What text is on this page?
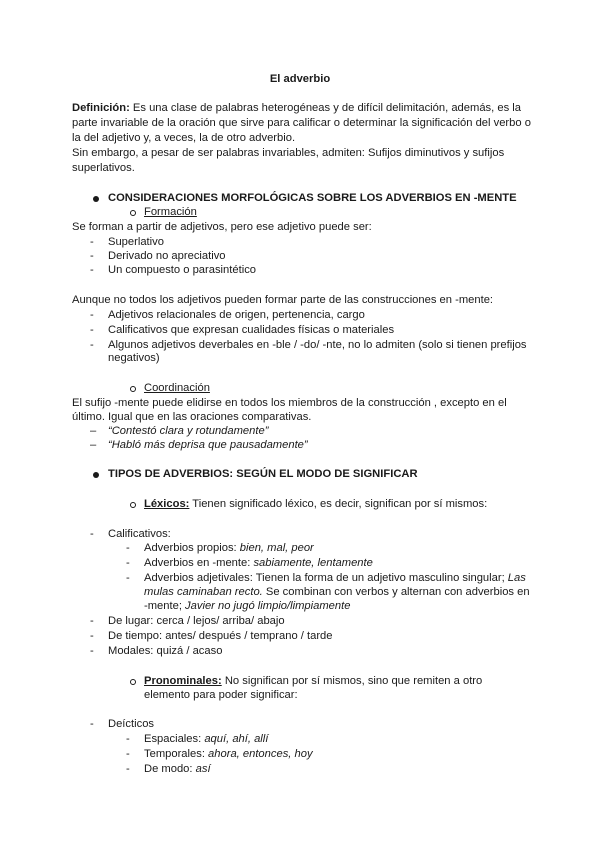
El adverbio
Definición: Es una clase de palabras heterogéneas y de difícil delimitación, además, es la
parte invariable de la oración que sirve para calificar o determinar la significación del verbo o
la del adjetivo y, a veces, la de otro adverbio.
Sin embargo, a pesar de ser palabras invariables, admiten: Sufijos diminutivos y sufijos
superlativos.
CONSIDERACIONES MORFOLÓGICAS SOBRE LOS ADVERBIOS EN -MENTE
Formación
Se forman a partir de adjetivos, pero ese adjetivo puede ser:
- Superlativo
- Derivado no apreciativo
- Un compuesto o parasintético
Aunque no todos los adjetivos pueden formar parte de las construcciones en -mente:
- Adjetivos relacionales de origen, pertenencia, cargo
- Calificativos que expresan cualidades físicas o materiales
- Algunos adjetivos deverbales en -ble / -do/ -nte, no lo admiten (solo si tienen prefijos
negativos)
Coordinación
El sufijo -mente puede elidirse en todos los miembros de la construcción , excepto en el
último. Igual que en las oraciones comparativas.
– “Contestó clara y rotundamente”
– “Habló más deprisa que pausadamente”
TIPOS DE ADVERBIOS: SEGÚN EL MODO DE SIGNIFICAR
Léxicos: Tienen significado léxico, es decir, significan por sí mismos:
- Calificativos:
- Adverbios propios: bien, mal, peor
- Adverbios en -mente: sabiamente, lentamente
- Adverbios adjetivales: Tienen la forma de un adjetivo masculino singular; Las
mulas caminaban recto. Se combinan con verbos y alternan con adverbios en
-mente; Javier no jugó limpio/limpiamente
- De lugar: cerca / lejos/ arriba/ abajo
- De tiempo: antes/ después / temprano / tarde
- Modales: quizá / acaso
Pronominales: No significan por sí mismos, sino que remiten a otro
elemento para poder significar:
- Deícticos
- Espaciales: aquí, ahí, allí
- Temporales: ahora, entonces, hoy
- De modo: así
